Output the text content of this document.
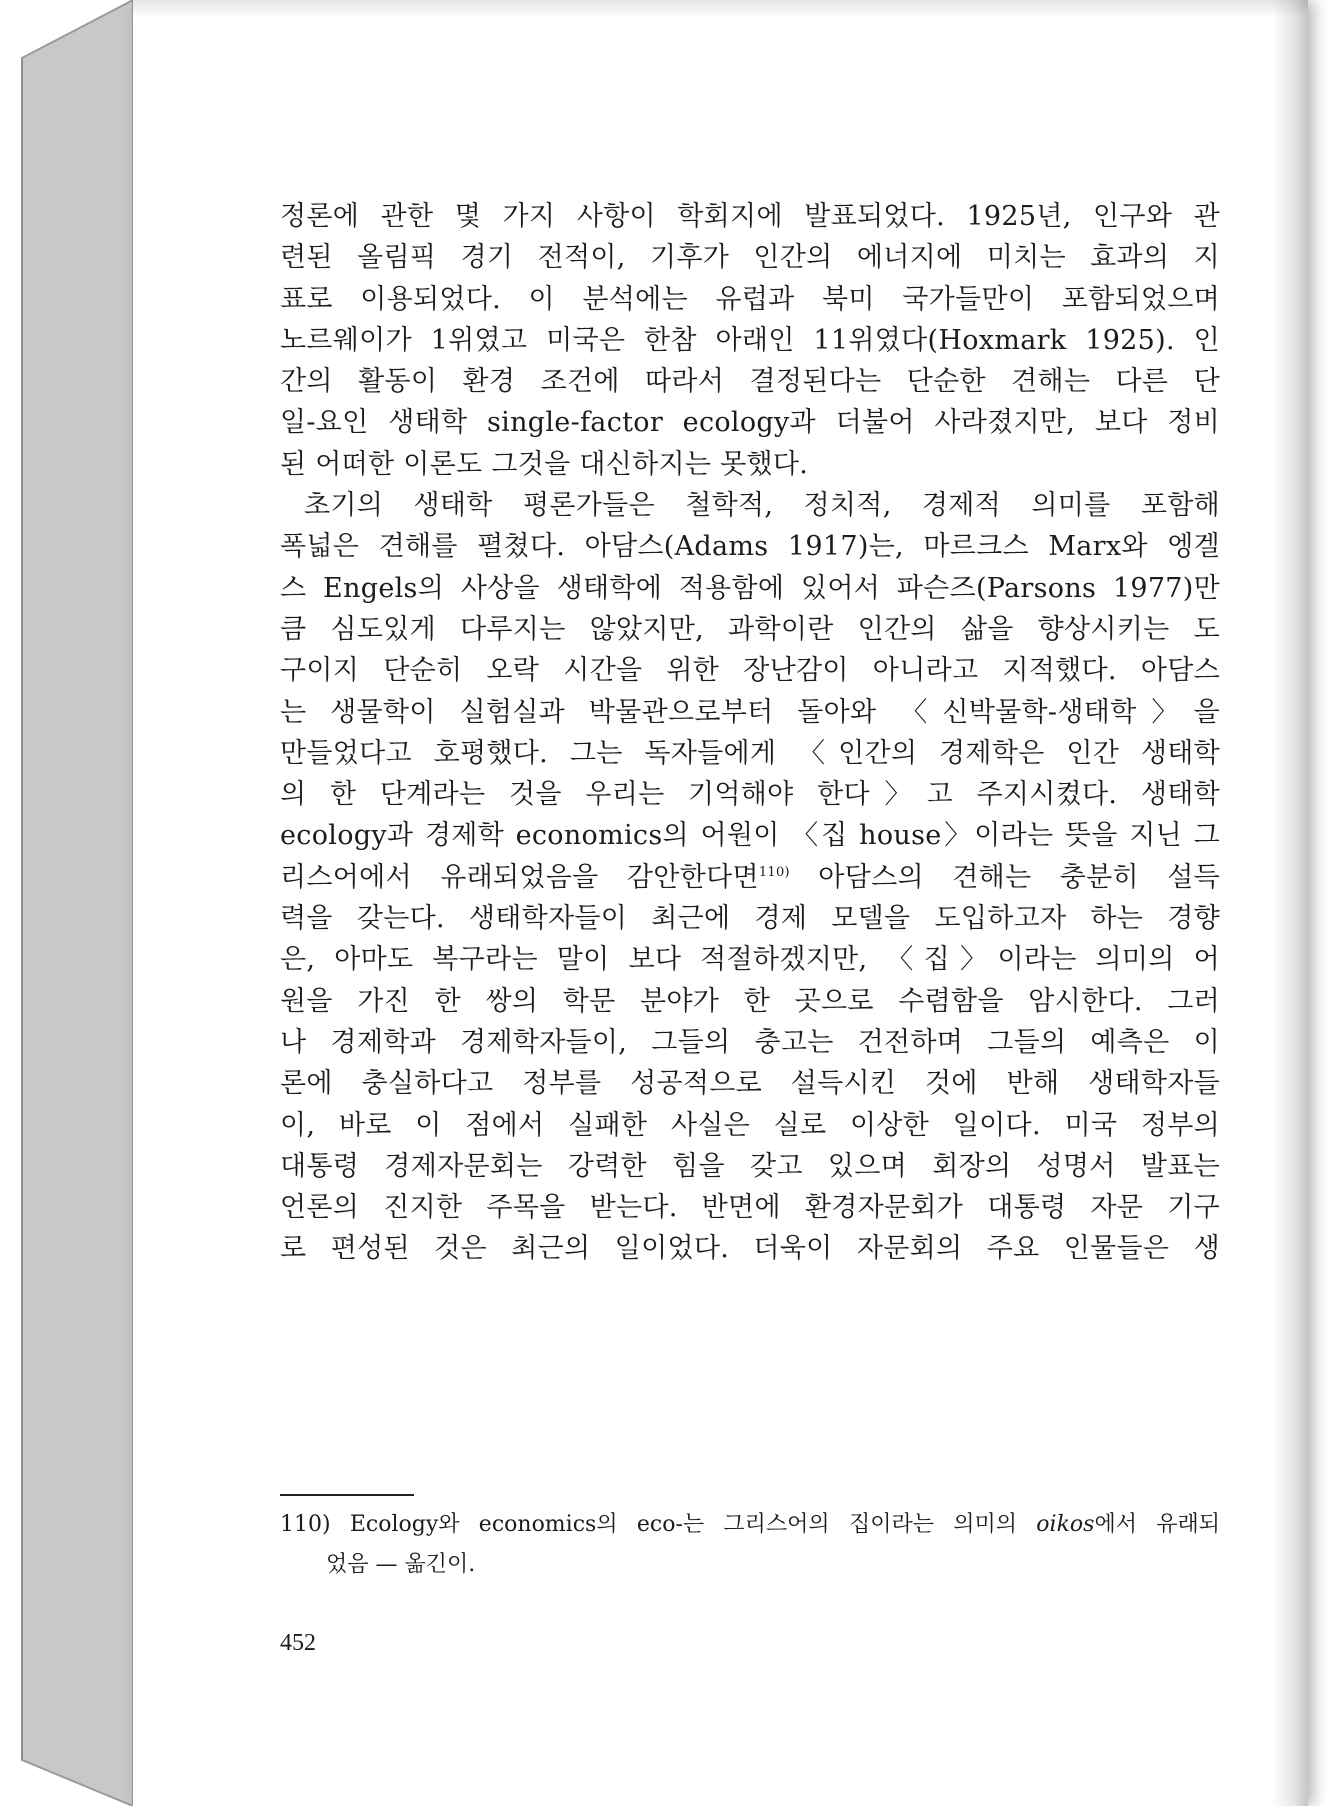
정론에 관한 몇 가지 사항이 학회지에 발표되었다. 1925년, 인구와 관
련된 올림픽 경기 전적이, 기후가 인간의 에너지에 미치는 효과의 지
표로 이용되었다. 이 분석에는 유럽과 북미 국가들만이 포함되었으며
노르웨이가 1위였고 미국은 한참 아래인 11위였다(Hoxmark 1925). 인
간의 활동이 환경 조건에 따라서 결정된다는 단순한 견해는 다른 단
일-요인 생태학 single-factor ecology과 더불어 사라졌지만, 보다 정비
된 어떠한 이론도 그것을 대신하지는 못했다.
초기의 생태학 평론가들은 철학적, 정치적, 경제적 의미를 포함해
폭넓은 견해를 펼쳤다. 아담스(Adams 1917)는, 마르크스 Marx와 엥겔
스 Engels의 사상을 생태학에 적용함에 있어서 파슨즈(Parsons 1977)만
큼 심도있게 다루지는 않았지만, 과학이란 인간의 삶을 향상시키는 도
구이지 단순히 오락 시간을 위한 장난감이 아니라고 지적했다. 아담스
는 생물학이 실험실과 박물관으로부터 돌아와 〈신박물학-생태학〉을
만들었다고 호평했다. 그는 독자들에게 〈인간의 경제학은 인간 생태학
의 한 단계라는 것을 우리는 기억해야 한다〉고 주지시켰다. 생태학
ecology과 경제학 economics의 어원이 〈집 house〉이라는 뜻을 지닌 그
리스어에서 유래되었음을 감안한다면$^{110)}$ 아담스의 견해는 충분히 설득
력을 갖는다. 생태학자들이 최근에 경제 모델을 도입하고자 하는 경향
은, 아마도 복구라는 말이 보다 적절하겠지만, 〈집〉이라는 의미의 어
원을 가진 한 쌍의 학문 분야가 한 곳으로 수렴함을 암시한다. 그러
나 경제학과 경제학자들이, 그들의 충고는 건전하며 그들의 예측은 이
론에 충실하다고 정부를 성공적으로 설득시킨 것에 반해 생태학자들
이, 바로 이 점에서 실패한 사실은 실로 이상한 일이다. 미국 정부의
대통령 경제자문회는 강력한 힘을 갖고 있으며 회장의 성명서 발표는
언론의 진지한 주목을 받는다. 반면에 환경자문회가 대통령 자문 기구
로 편성된 것은 최근의 일이었다. 더욱이 자문회의 주요 인물들은 생
110) Ecology와 economics의 eco-는 그리스어의 집이라는 의미의 oikos에서 유래되
었음 — 옮긴이.
452
